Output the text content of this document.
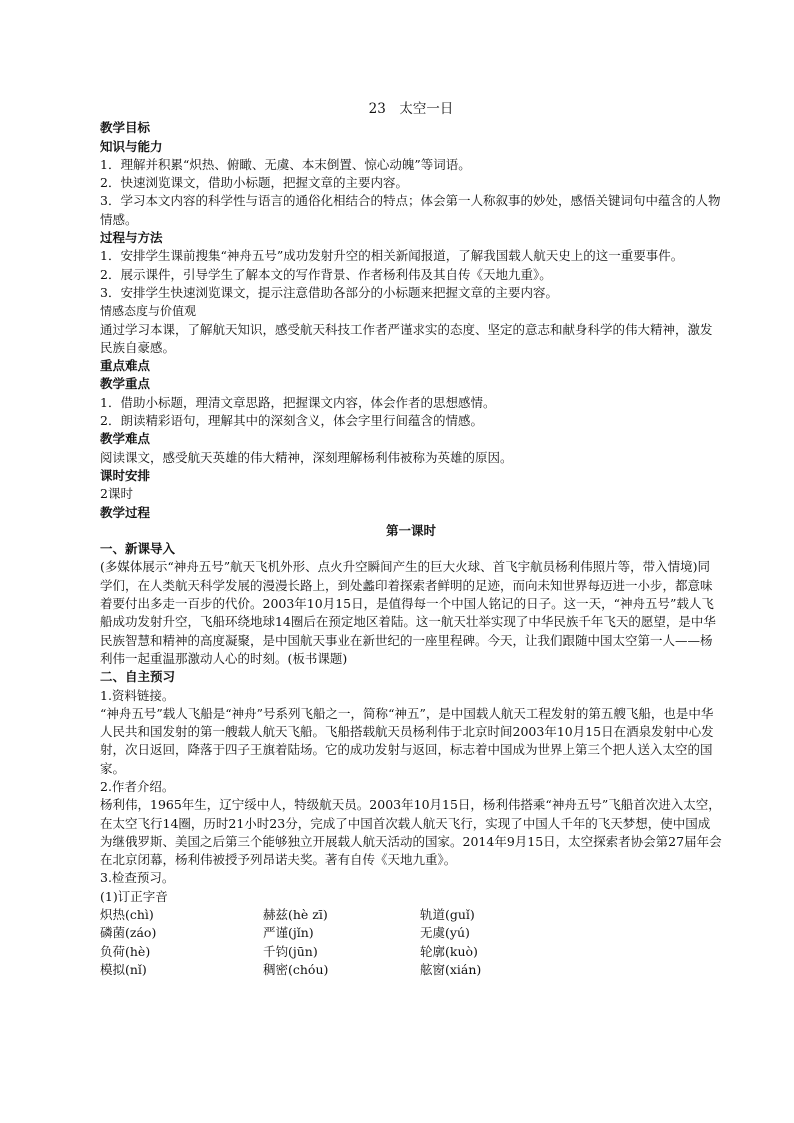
23　太空一日

教学目标

知识与能力

1．理解并积累“炽热、俯瞰、无虞、本末倒置、惊心动魄”等词语。

2．快速浏览课文，借助小标题，把握文章的主要内容。

3．学习本文内容的科学性与语言的通俗化相结合的特点；体会第一人称叙事的妙处，感悟关键词句中蕴含的人物情感。

过程与方法

1．安排学生课前搜集“神舟五号”成功发射升空的相关新闻报道，了解我国载人航天史上的这一重要事件。

2．展示课件，引导学生了解本文的写作背景、作者杨利伟及其自传《天地九重》。

3．安排学生快速浏览课文，提示注意借助各部分的小标题来把握文章的主要内容。

情感态度与价值观

通过学习本课，了解航天知识，感受航天科技工作者严谨求实的态度、坚定的意志和献身科学的伟大精神，激发民族自豪感。

重点难点

教学重点

1．借助小标题，理清文章思路，把握课文内容，体会作者的思想感情。

2．朗读精彩语句，理解其中的深刻含义，体会字里行间蕴含的情感。

教学难点

阅读课文，感受航天英雄的伟大精神，深刻理解杨利伟被称为英雄的原因。

课时安排

2课时

教学过程

第一课时

一、新课导入

(多媒体展示“神舟五号”航天飞机外形、点火升空瞬间产生的巨大火球、首飞宇航员杨利伟照片等，带入情境)同学们，在人类航天科学发展的漫漫长路上，到处蠡印着探索者鲜明的足迹，而向未知世界每迈进一小步，都意味着要付出多走一百步的代价。2003年10月15日，是值得每一个中国人铭记的日子。这一天，“神舟五号”载人飞船成功发射升空，飞船环绕地球14圈后在预定地区着陆。这一航天壮举实现了中华民族千年飞天的愿望，是中华民族智慧和精神的高度凝聚，是中国航天事业在新世纪的一座里程碑。今天，让我们跟随中国太空第一人——杨利伟一起重温那激动人心的时刻。(板书课题)

二、自主预习

1.资料链接。

“神舟五号”载人飞船是“神舟”号系列飞船之一，简称“神五”，是中国载人航天工程发射的第五艘飞船，也是中华人民共和国发射的第一艘载人航天飞船。飞船搭载航天员杨利伟于北京时间2003年10月15日在酒泉发射中心发射，次日返回，降落于四子王旗着陆场。它的成功发射与返回，标志着中国成为世界上第三个把人送入太空的国家。

2.作者介绍。

杨利伟，1965年生，辽宁绥中人，特级航天员。2003年10月15日，杨利伟搭乘“神舟五号”飞船首次进入太空，在太空飞行14圈，历时21小时23分，完成了中国首次载人航天飞行，实现了中国人千年的飞天梦想，使中国成为继俄罗斯、美国之后第三个能够独立开展载人航天活动的国家。2014年9月15日，太空探索者协会第27届年会在北京闭幕，杨利伟被授予列昂诺夫奖。著有自传《天地九重》。

3.检查预习。

(1)订正字音

炽热(chì)	赫兹(hè zī)	轨道(guǐ)
磷菌(záo)	严谨(jǐn)	无虞(yú)
负荷(hè)	千钧(jūn)	轮廓(kuò)
模拟(nǐ)	稠密(chóu)	舷窗(xián)
